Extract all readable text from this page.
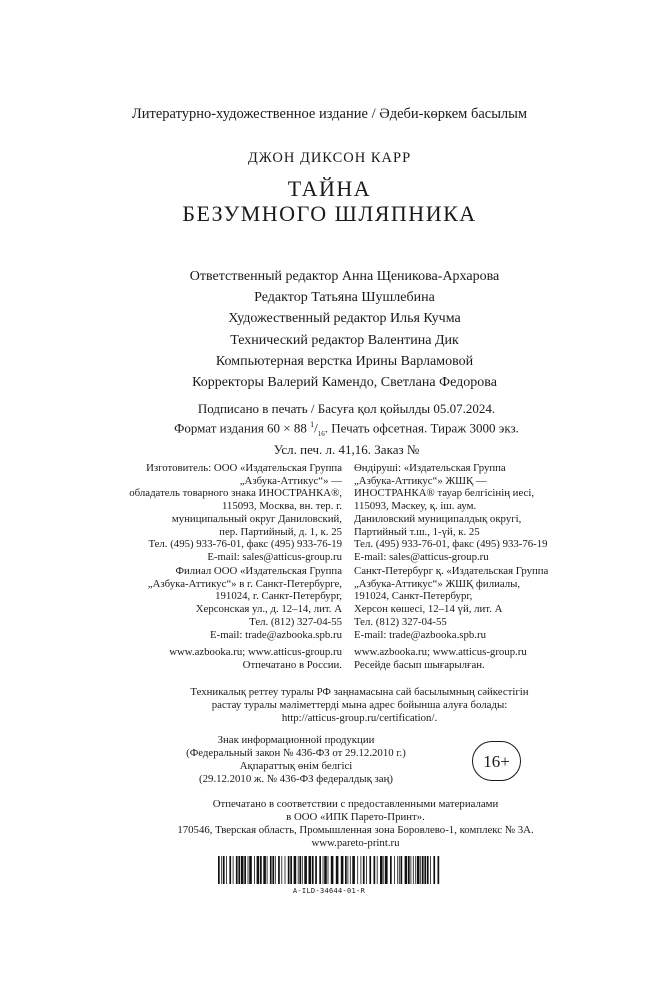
Литературно-художественное издание / Әдеби-көркем басылым
ДЖОН ДИКСОН КАРР
ТАЙНА
БЕЗУМНОГО ШЛЯПНИКА
Ответственный редактор Анна Щеникова-Архарова
Редактор Татьяна Шушлебина
Художественный редактор Илья Кучма
Технический редактор Валентина Дик
Компьютерная верстка Ирины Варламовой
Корректоры Валерий Камендо, Светлана Федорова
Подписано в печать / Басуға қол қойылды 05.07.2024.
Формат издания 60 × 88 $^1/_{16}$. Печать офсетная. Тираж 3000 экз.
Усл. печ. л. 41,16. Заказ №
Изготовитель: ООО «Издательская Группа
„Азбука-Аттикус“» —
обладатель товарного знака ИНОСТРАНКА®,
115093, Москва, вн. тер. г.
муниципальный округ Даниловский,
пер. Партийный, д. 1, к. 25
Тел. (495) 933-76-01, факс (495) 933-76-19
E-mail: sales@atticus-group.ru
Өндіруші: «Издательская Группа
„Азбука-Аттикус“» ЖШҚ —
ИНОСТРАНКА® тауар белгісінің иесі,
115093, Мәскеу, қ. іш. аум.
Даниловский муниципалдық округі,
Партийный т.ш., 1-үй, к. 25
Тел. (495) 933-76-01, факс (495) 933-76-19
E-mail: sales@atticus-group.ru
Филиал ООО «Издательская Группа
„Азбука-Аттикус“» в г. Санкт-Петербурге,
191024, г. Санкт-Петербург,
Херсонская ул., д. 12–14, лит. А
Тел. (812) 327-04-55
E-mail: trade@azbooka.spb.ru
Санкт-Петербург қ. «Издательская Группа
„Азбука-Аттикус“» ЖШҚ филиалы,
191024, Санкт-Петербург,
Херсон көшесі, 12–14 үй, лит. А
Тел. (812) 327-04-55
E-mail: trade@azbooka.spb.ru
www.azbooka.ru; www.atticus-group.ru
Отпечатано в России.
www.azbooka.ru; www.atticus-group.ru
Ресейде басып шығарылған.
Техникалық реттеу туралы РФ заңнамасына сай басылымның сәйкестігін
растау туралы мәліметтерді мына адрес бойынша алуға болады:
http://atticus-group.ru/certification/.
Знак информационной продукции
(Федеральный закон № 436-ФЗ от 29.12.2010 г.)
Ақпараттық өнім белгісі
(29.12.2010 ж. № 436-ФЗ федералдық заң)
16+
Отпечатано в соответствии с предоставленными материалами
в ООО «ИПК Парето-Принт».
170546, Тверская область, Промышленная зона Боровлево-1, комплекс № 3А.
www.pareto-print.ru
A-ILD-34644-01-R
